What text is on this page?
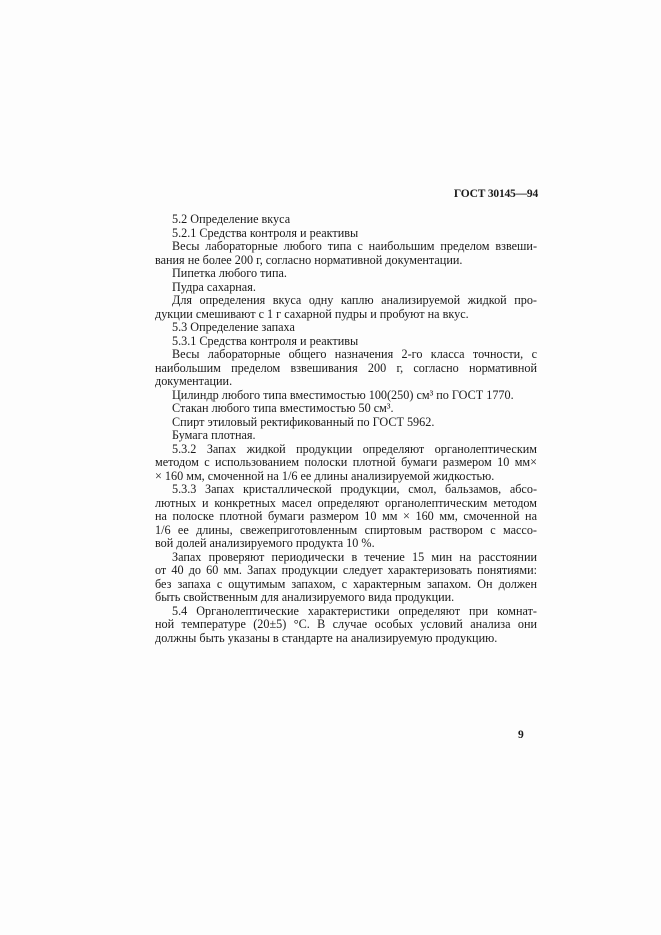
ГОСТ 30145—94
5.2 Определение вкуса
5.2.1 Средства контроля и реактивы
Весы лабораторные любого типа с наибольшим пределом взвеши-
вания не более 200 г, согласно нормативной документации.
Пипетка любого типа.
Пудра сахарная.
Для определения вкуса одну каплю анализируемой жидкой про-
дукции смешивают с 1 г сахарной пудры и пробуют на вкус.
5.3 Определение запаха
5.3.1 Средства контроля и реактивы
Весы лабораторные общего назначения 2-го класса точности, с
наибольшим пределом взвешивания 200 г, согласно нормативной
документации.
Цилиндр любого типа вместимостью 100(250) см³ по ГОСТ 1770.
Стакан любого типа вместимостью 50 см³.
Спирт этиловый ректификованный по ГОСТ 5962.
Бумага плотная.
5.3.2 Запах жидкой продукции определяют органолептическим
методом с использованием полоски плотной бумаги размером 10 мм×
× 160 мм, смоченной на 1/6 ее длины анализируемой жидкостью.
5.3.3 Запах кристаллической продукции, смол, бальзамов, абсо-
лютных и конкретных масел определяют органолептическим методом
на полоске плотной бумаги размером 10 мм × 160 мм, смоченной на
1/6 ее длины, свежеприготовленным спиртовым раствором с массо-
вой долей анализируемого продукта 10 %.
Запах проверяют периодически в течение 15 мин на расстоянии
от 40 до 60 мм. Запах продукции следует характеризовать понятиями:
без запаха с ощутимым запахом, с характерным запахом. Он должен
быть свойственным для анализируемого вида продукции.
5.4 Органолептические характеристики определяют при комнат-
ной температуре (20±5) °С. В случае особых условий анализа они
должны быть указаны в стандарте на анализируемую продукцию.
9
